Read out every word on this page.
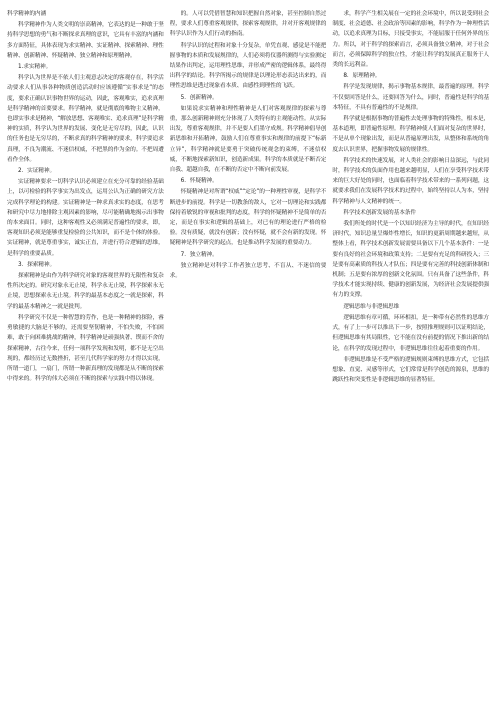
科学精神的内涵

科学精神作为人类文明的崇高精神，它表达的是一种敢于坚持科学思想的勇气和不断探求真理的意识，它具有丰富的内涵和多方面特征，具体表现为求实精神、实证精神、探索精神、理性精神、创新精神、怀疑精神、独立精神和原理精神。

1.求实精神。

科学认为世界是不依人们主观意志决定的客观存在，科学活动要求人们从事各种物质创造活动时应该遵循“实事求是”的态度，要求正确认识事物世界的运动，因此，客观唯实，追求真理是科学精神的首要要求。科学精神，就是彻底的唯物主义精神，也即实事求是精神，“解放思想、客观唯实、追求真理”是科学精神的实质，科学认为世界的发展、变化是无穷尽的，因此，认识的任务也是无穷尽的，不断求真的科学精神的要求，科学要追求真理，不良为潮流、不迷信权威，不把黑的作为金的。不把周遭看作全体。

2．实证精神。

实证精神要求一切科学认识必须建立在充分可靠的经验基础上，以可检验的科学事实为出发点，运用公认为正确的研究方法完成科学理论的构建。实证精神是一种求真求实的态度，在思考和研究中尽力地排除主观因素的影响，尽可能精确地揭示出事物的本来面目。同时，这种客观性又必须满足普遍性的要求，即，客观知识必须是能够重复检验的公共知识，而不是个体的体验。实证精神，就是尊重事实，诚实正直，并进行符合逻辑的思维，是科学的重要品质。

3．探索精神。

探索精神是由作为科学研究对象的客观世界的无限性和复杂性所决定的。研究对象永无止境，科学永无止境，科学探索永无止境，思想探索永无止境。科学的最基本态度之一就是探索，科学的最基本精神之一就是批判。

科学研究不仅是一种智慧的劳作，也是一种精神的探险，睿勇敏捷的大脑是不够的，还需要坚韧精神，不怕失败，不怕困难，敢于向困难挑战的精神，科学精神是顽强执著、锲而不舍的探索精神，古往今来，任何一项科学发现和发明，都不是无空出现的，都经历过无数挫折，甚至几代科学家的努力才得以实现，所谓一道门，一扇门，所谓一种新真理的发现都是从不断的探索中得来的。科学的伟大必须在不断的探索与实践中得以体现。

的。人可以凭借智慧和知识把握自然对象，甚至控制自然过程，要求人们尊重客观规律，探索客观规律，并对开客观规律的科学认识作为人们行动的指南。

科学认识的过程和对象十分复杂，单凭直观、感觉是不能把握事物的本质和发展规律的，人们必须将仪器所测得与实验测定结果作出判定，运用理性思维，并形成严密的逻辑体系，最终得出科学的结论。科学所揭示的规律是以理论形态表达出来的，而理性思维是透过现象看本质、由感性到理性的飞跃。

5．创新精神。

如果说求实精神和理性精神是人们对客观规律的探索与尊重，那么创新精神则充分体现了人类特有的主观能动性。从实际出发，尊重客观规律，并不是要人们墨守成规。科学精神倡导创新思维和开拓精神，鼓励人们在尊重事实和规律的前提下“标新立异”，科学精神就是要勇于突破传统观念的束缚，不迷信权威，不断地探索新知识，创造新成果。科学的本质就是不断否定自我、超越自我，在不断的否定中不断向前发展。

6．怀疑精神。

怀疑精神是对所谓“权威”“定论”的一种理性审视，是科学不断进步的前提。科学是一切教条的敌人，它对一切理论和实践都保持着敏锐的审视和批判的态度，科学的怀疑精神不是简单的否定，而是在事实和逻辑的基础上，对已有的理论进行严格的检验。没有质疑，就没有创新；没有怀疑，就不会有新的发现。怀疑精神是科学研究的起点，也是推动科学发展的重要动力。

7．独立精神。

独立精神是对科学工作者独立思考、不盲从、不迷信的要求。

求，科学产生相关展在一定的社会环境中，所以说受到社会制度、社会道德、社会政治等因素的影响，科学作为一种理性活动，以追求真理为目标，只接受事实，不能屈服于任何外界的压力。所以，对于科学的探索而言，必须具备独立精神，对于社会而言，必须保障科学的独立性，才能让科学的发展真正服务于人类的长远利益。

8．原理精神。

科学是发现规律，揭示事物基本规律，最普遍的原理。科学不仅要回答是什么，还要回答为什么，同时，普遍性是科学的基本特征，不具有普遍性的不是规律。

科学就是根据事物的普遍性去处理事物的特殊性，根本是，基本道理，即普遍性原理。科学精神使人们面对复杂的世界时，不是从单个现象出发，而是从普遍原理出发，从整体和系统的角度去认识世界，把握事物发展的规律性。

科学技术的快速发展，对人类社会的影响日益深远，与此同时，科学技术的负面作用也越来越明显，人们在享受科学技术带来的巨大好处的同时，也面临着科学技术带来的一系列问题，这就要求我们在发展科学技术的过程中，始终坚持以人为本，坚持科学精神与人文精神的统一。

科学技术创新发展的基本条件

我们所处的时代是一个以知识经济为主导的时代，在知识经济时代，知识总量呈爆炸性增长，知识的更新周期越来越短，从整体上看，科学技术创新发展需要具备以下几个基本条件：一是要有良好的社会环境和政策支持；二是要有充足的科研投入；三是要有高素质的科技人才队伍；四是要有完善的科技创新体制和机制；五是要有浓厚的创新文化氛围。只有具备了这些条件，科学技术才能实现持续、健康的创新发展，为经济社会发展提供强有力的支撑。

逻辑思维与非逻辑思维

逻辑思维有章可循，环环相扣，是一种带有必然性的思维方式，有了上一步可以推出下一步，按照推理规则可以证明结论，但逻辑思维有其局限性，它不能在没有前提的情况下推出新的结论，在科学的发现过程中，非逻辑思维往往起着重要的作用。

非逻辑思维是不受严格的逻辑规则束缚的思维方式，它包括想象、直觉、灵感等形式，它们常常是科学创造的源泉，思维的跳跃性和突变性是非逻辑思维的显著特征。
